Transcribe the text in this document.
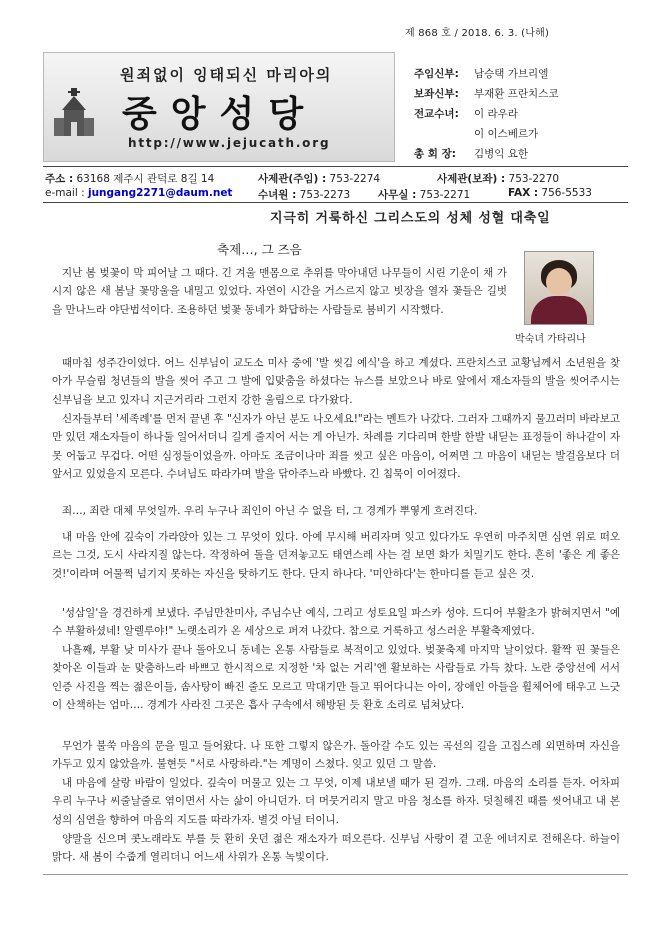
제 868 호 / 2018. 6. 3. (나해)
원죄없이 잉태되신 마리아의
중앙성당
http://www.jejucath.org
주임신부: 남승택 가브리엘
보좌신부: 부재환 프란치스코
전교수녀: 이 라우라
이 이스베르가
총 회 장: 김병익 요한
주소 : 63168 제주시 관덕로 8길 14	사제관(주임) : 753-2274	사제관(보좌) : 753-2270
e-mail : jungang2271@daum.net 수녀원 : 753-2273	사무실 : 753-2271	FAX : 756-5533
지극히 거룩하신 그리스도의 성체 성혈 대축일
축제…, 그 즈음
박숙녀 가타리나
지난 봄 벚꽃이 막 피어날 그 때다. 긴 겨울 맨몸으로 추위를 막아내던 나무들이 시린 기운이 채 가시지 않은 새 봄날 꽃망울을 내밀고 있었다. 자연이 시간을 거스르지 않고 빗장을 열자 꽃들은 길벗을 만나느라 야단법석이다. 조용하던 벚꽃 동네가 화답하는 사람들로 붐비기 시작했다.
때마침 성주간이었다. 어느 신부님이 교도소 미사 중에 '발 씻김 예식'을 하고 계셨다. 프란치스코 교황님께서 소년원을 찾아가 무슬림 청년들의 발을 씻어 주고 그 발에 입맞춤을 하셨다는 뉴스를 보았으나 바로 앞에서 재소자들의 발을 씻어주시는 신부님을 보고 있자니 지근거리라 그런지 강한 울림으로 다가왔다.
신자들부터 '세족례'를 먼저 끝낸 후 "신자가 아닌 분도 나오세요!"라는 멘트가 나갔다. 그러자 그때까지 물끄러미 바라보고만 있던 재소자들이 하나둘 일어서더니 길게 줄지어 서는 게 아닌가. 차례를 기다리며 한발 한발 내딛는 표정들이 하나같이 자못 어둡고 무겁다. 어떤 심정들이었을까. 아마도 조금이나마 죄를 씻고 싶은 마음이, 어쩌면 그 마음이 내딛는 발걸음보다 더 앞서고 있었을지 모른다. 수녀님도 따라가며 발을 닦아주느라 바빴다. 긴 침묵이 이어졌다.
죄…, 죄란 대체 무엇일까. 우리 누구나 죄인이 아닌 수 없을 터, 그 경계가 뿌옇게 흐려진다.
내 마음 안에 깊숙이 가라앉아 있는 그 무엇이 있다. 아예 무시해 버리자며 잊고 있다가도 우연히 마주치면 심연 위로 떠오르는 그것, 도시 사라지질 않는다. 작정하여 돌을 던져놓고도 태연스레 사는 걸 보면 화가 치밀기도 한다. 흔히 '좋은 게 좋은 것!'이라며 어물쩍 넘기지 못하는 자신을 탓하기도 한다. 단지 하나다. '미안하다'는 한마디를 듣고 싶은 것.
'성삼일'을 경건하게 보냈다. 주님만찬미사, 주님수난 예식, 그리고 성토요일 파스카 성야. 드디어 부활초가 밝혀지면서 "예수 부활하셨네! 알렐루야!" 노랫소리가 온 세상으로 퍼져 나갔다. 참으로 거룩하고 성스러운 부활축제였다.
나흘째, 부활 낮 미사가 끝나 돌아오니 동네는 온통 사람들로 북적이고 있었다. 벚꽃축제 마지막 날이었다. 활짝 핀 꽃들은 찾아온 이들과 눈 맞춤하느라 바쁘고 한시적으로 지정한 '차 없는 거리'엔 활보하는 사람들로 가득 찼다. 노란 중앙선에 서서 인증 사진을 찍는 젊은이들, 솜사탕이 빠진 줄도 모르고 막대기만 들고 뛰어다니는 아이, 장애인 아들을 휠체어에 태우고 느긋이 산책하는 엄마…. 경계가 사라진 그곳은 흡사 구속에서 해방된 듯 환호 소리로 넘쳐났다.
무언가 불쑥 마음의 문을 밀고 들어왔다. 나 또한 그렇지 않은가. 돌아갈 수도 있는 곡선의 길을 고집스레 외면하며 자신을 가두고 있지 않았을까. 불현듯 "서로 사랑하라."는 계명이 스쳤다. 잊고 있던 그 말씀.
내 마음에 살랑 바람이 일었다. 깊숙이 머물고 있는 그 무엇, 이제 내보낼 때가 된 걸까. 그래. 마음의 소리를 듣자. 어차피 우리 누구나 씨줄날줄로 엮이면서 사는 삶이 아니던가. 더 머뭇거리지 말고 마음 청소를 하자. 덧칠해진 때를 씻어내고 내 본성의 심연을 향하여 마음의 지도를 따라가자. 별것 아닐 터이니.
양말을 신으며 콧노래라도 부를 듯 환히 웃던 젊은 재소자가 떠오른다. 신부님 사랑이 곁 고운 에너지로 전해온다. 하늘이 맑다. 새 봄이 수줍게 열리더니 어느새 사위가 온통 녹빛이다.
